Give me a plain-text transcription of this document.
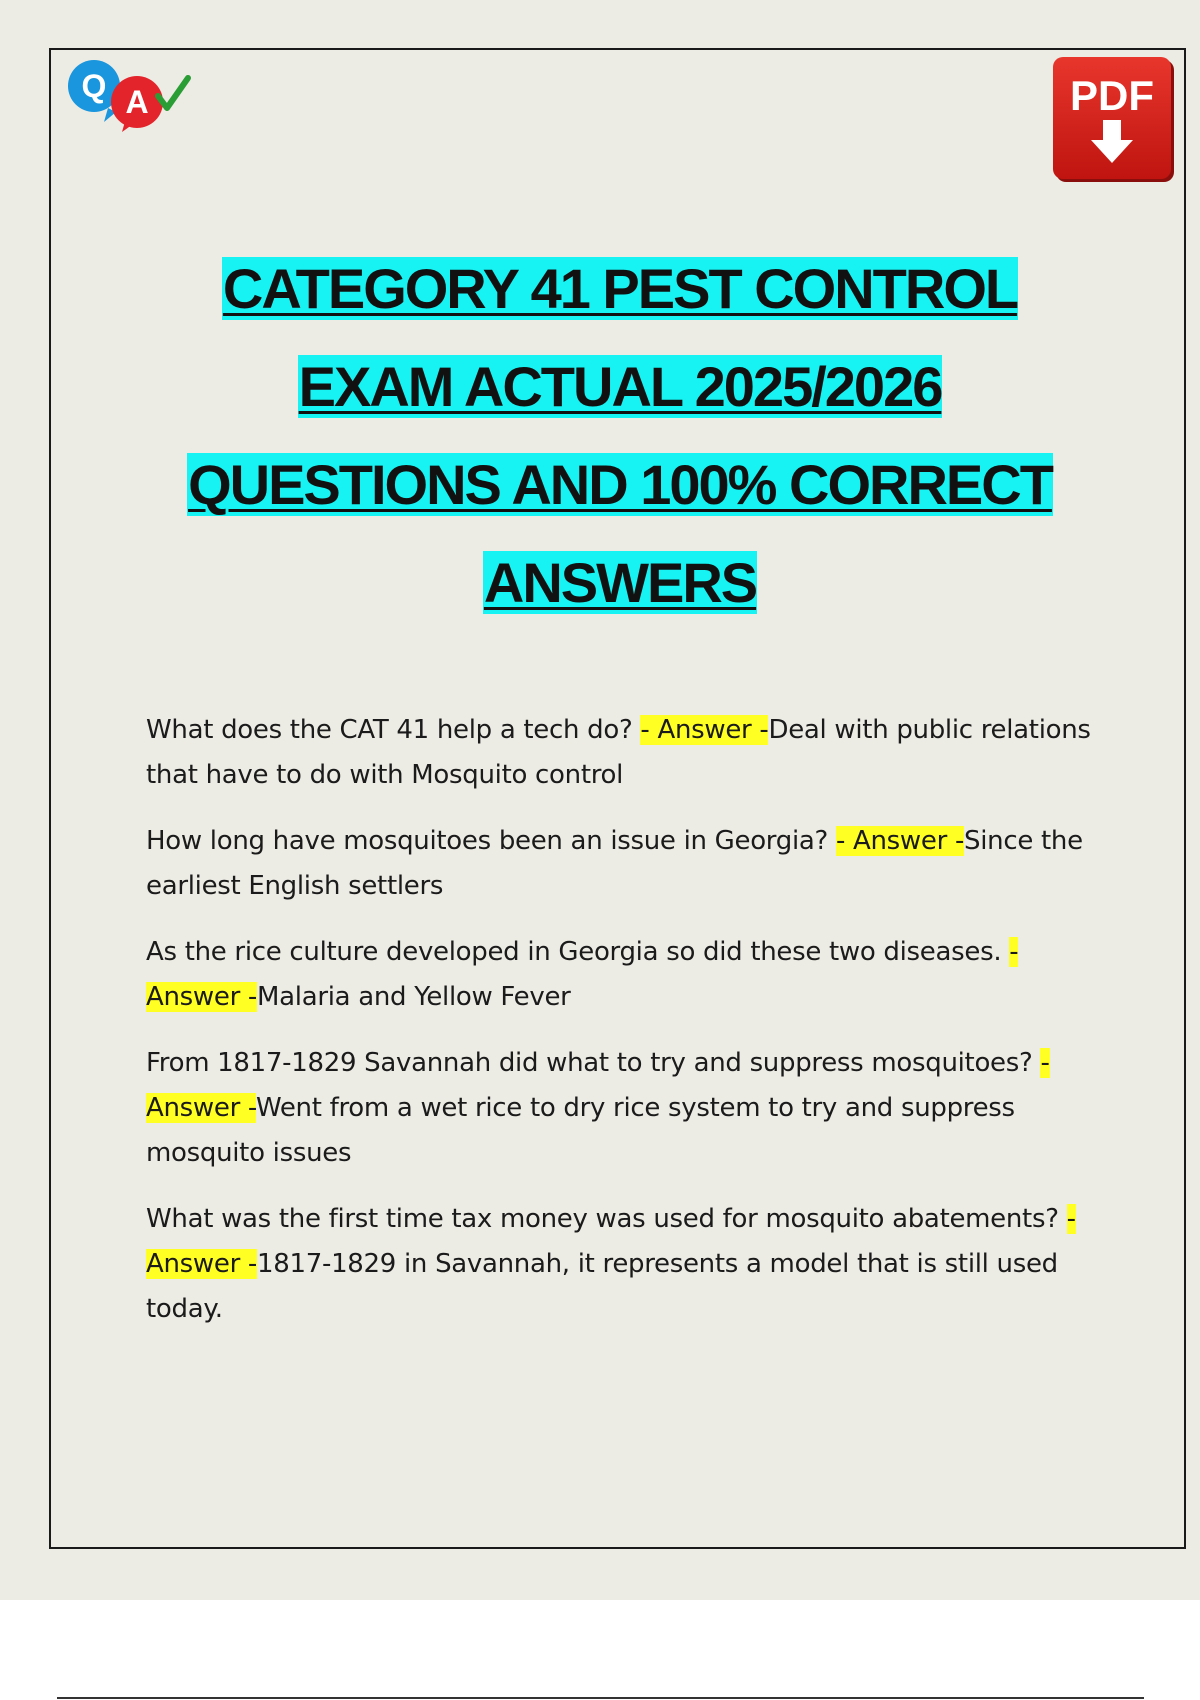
Q A	PDF
CATEGORY 41 PEST CONTROL
EXAM ACTUAL 2025/2026
QUESTIONS AND 100% CORRECT
ANSWERS

What does the CAT 41 help a tech do? - Answer -Deal with public relations that have to do with Mosquito control

How long have mosquitoes been an issue in Georgia? - Answer -Since the earliest English settlers

As the rice culture developed in Georgia so did these two diseases. - Answer -Malaria and Yellow Fever

From 1817-1829 Savannah did what to try and suppress mosquitoes? - Answer -Went from a wet rice to dry rice system to try and suppress mosquito issues

What was the first time tax money was used for mosquito abatements? - Answer -1817-1829 in Savannah, it represents a model that is still used today.
